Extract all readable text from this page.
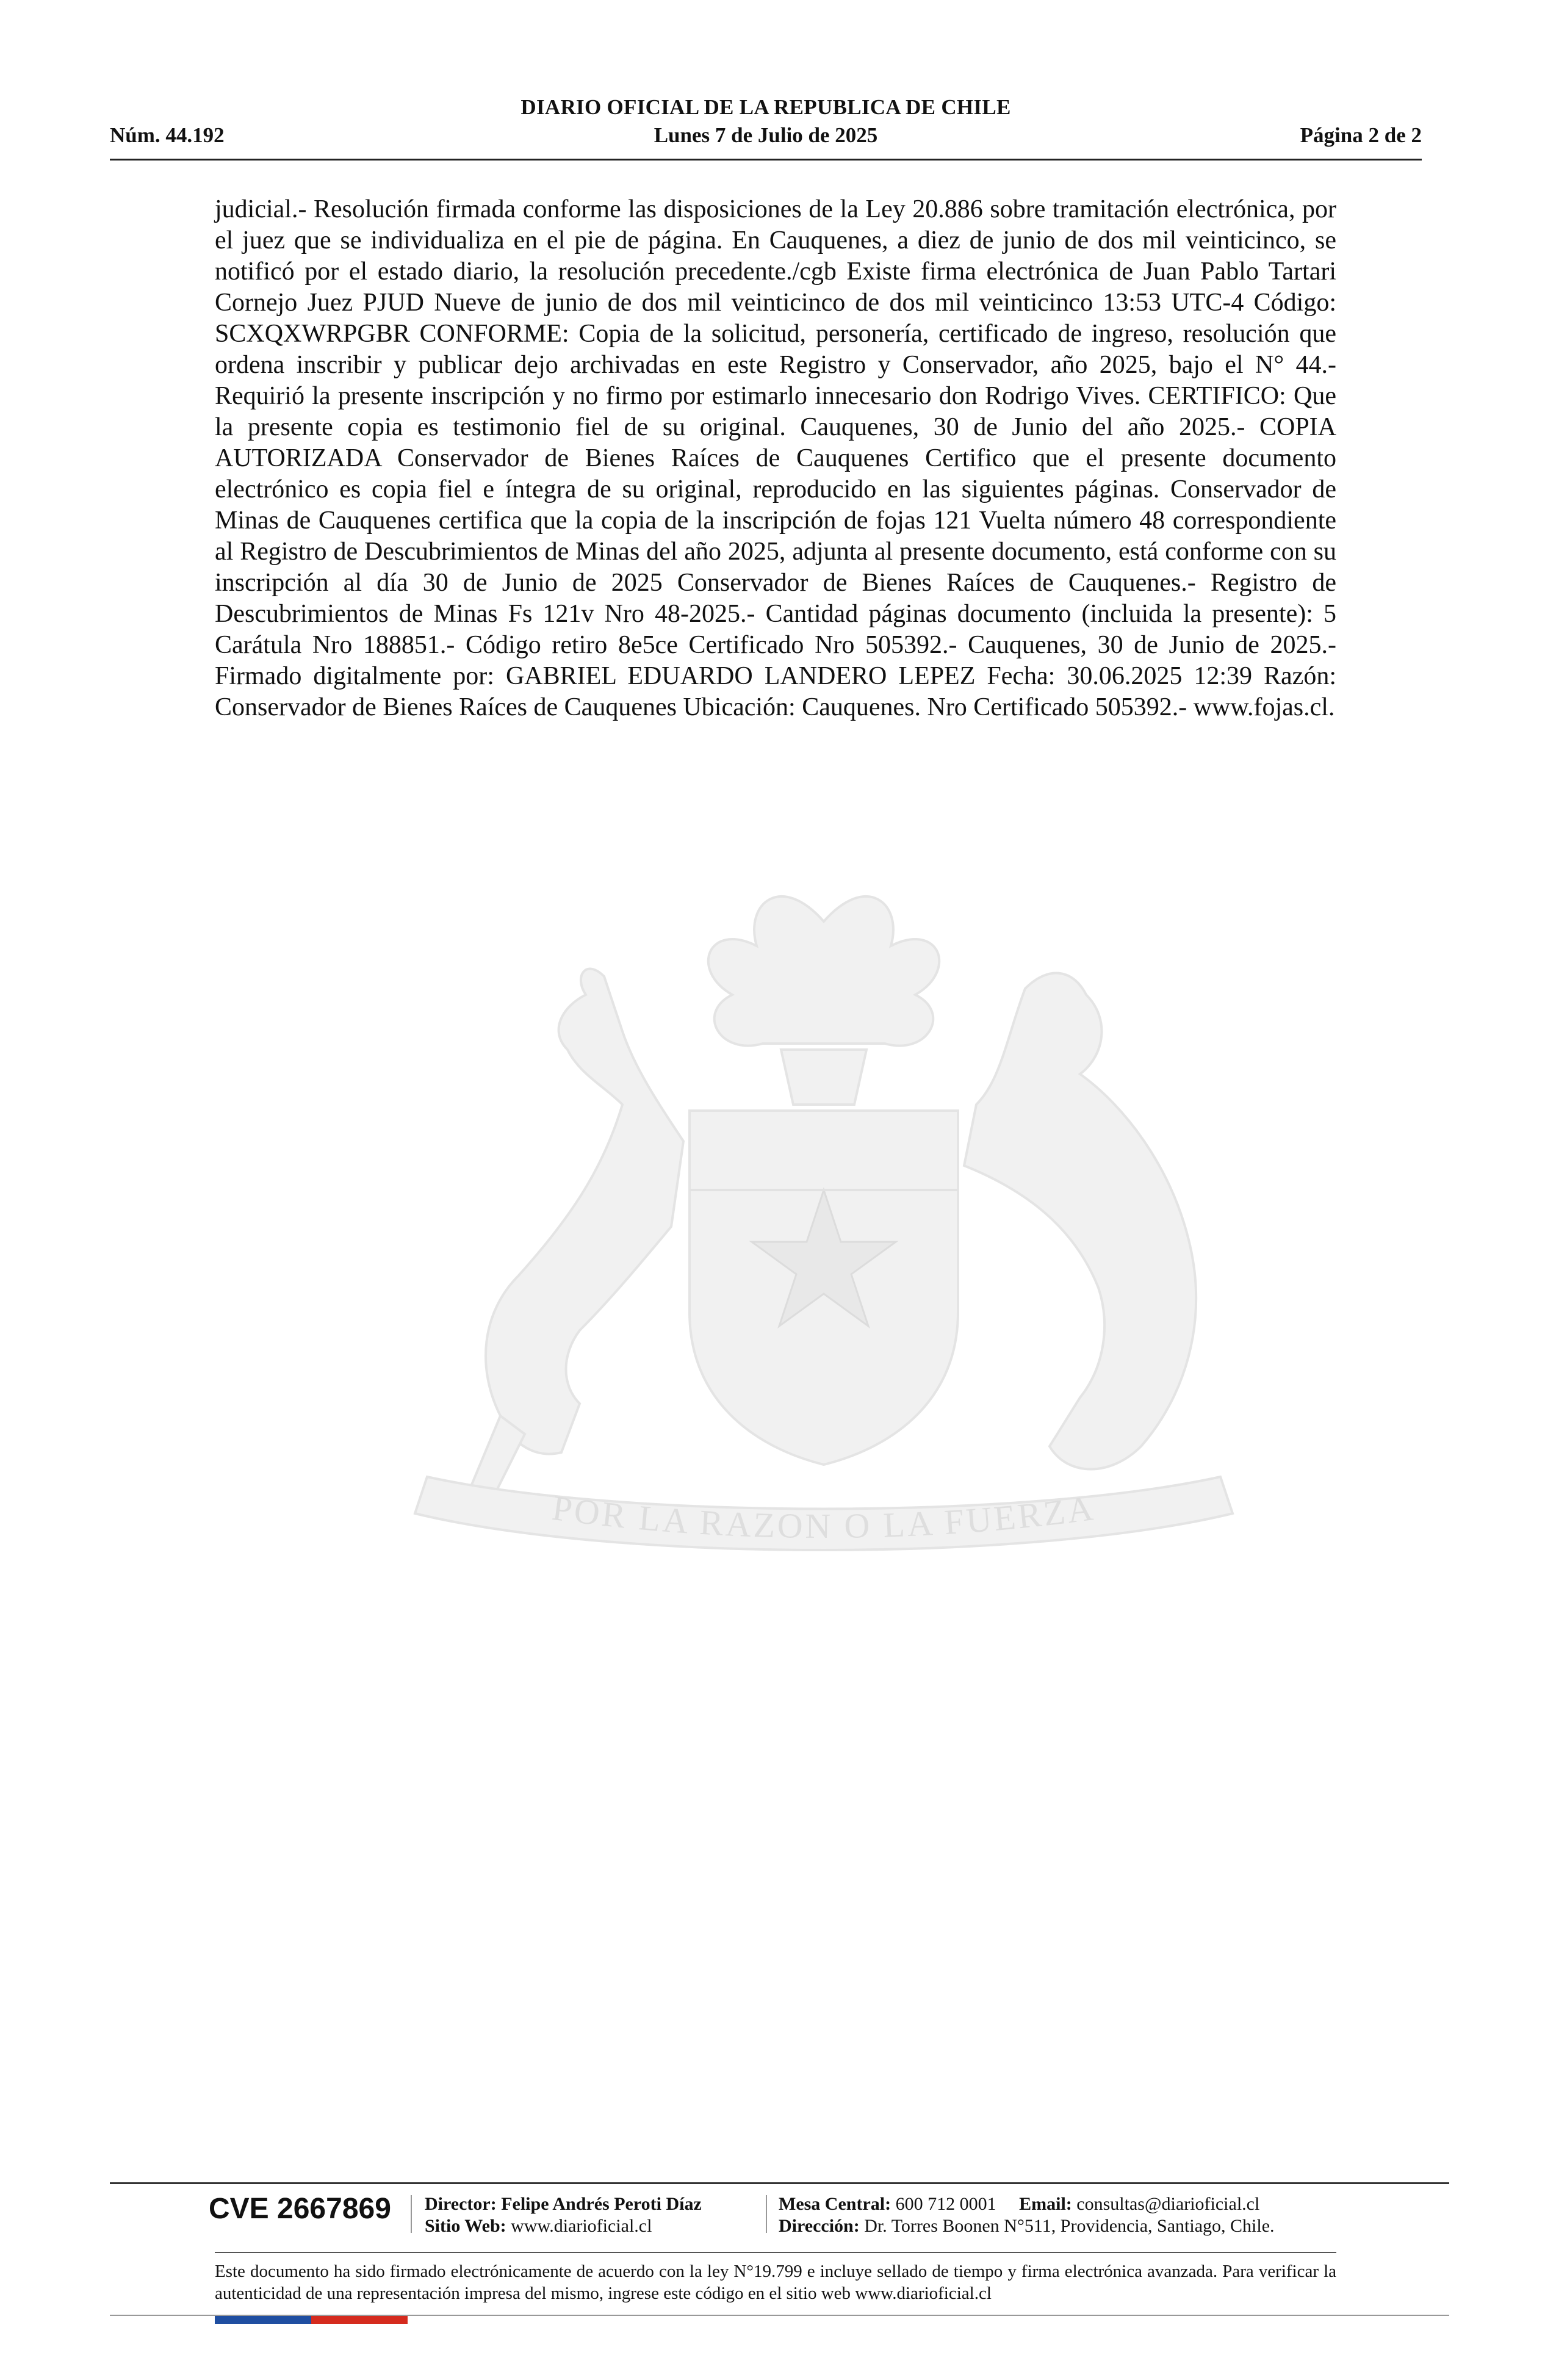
DIARIO OFICIAL DE LA REPUBLICA DE CHILE
Núm. 44.192	Lunes 7 de Julio de 2025	Página 2 de 2
POR LA RAZON O LA FUERZA

judicial.- Resolución firmada conforme las disposiciones de la Ley 20.886 sobre tramitación electrónica, por el juez que se individualiza en el pie de página. En Cauquenes, a diez de junio de dos mil veinticinco, se notificó por el estado diario, la resolución precedente./cgb Existe firma electrónica de Juan Pablo Tartari Cornejo Juez PJUD Nueve de junio de dos mil veinticinco de dos mil veinticinco 13:53 UTC-4 Código: SCXQXWRPGBR CONFORME: Copia de la solicitud, personería, certificado de ingreso, resolución que ordena inscribir y publicar dejo archivadas en este Registro y Conservador, año 2025, bajo el N° 44.- Requirió la presente inscripción y no firmo por estimarlo innecesario don Rodrigo Vives. CERTIFICO: Que la presente copia es testimonio fiel de su original. Cauquenes, 30 de Junio del año 2025.- COPIA AUTORIZADA Conservador de Bienes Raíces de Cauquenes Certifico que el presente documento electrónico es copia fiel e íntegra de su original, reproducido en las siguientes páginas. Conservador de Minas de Cauquenes certifica que la copia de la inscripción de fojas 121 Vuelta número 48 correspondiente al Registro de Descubrimientos de Minas del año 2025, adjunta al presente documento, está conforme con su inscripción al día 30 de Junio de 2025 Conservador de Bienes Raíces de Cauquenes.- Registro de Descubrimientos de Minas Fs 121v Nro 48-2025.- Cantidad páginas documento (incluida la presente): 5 Carátula Nro 188851.- Código retiro 8e5ce Certificado Nro 505392.- Cauquenes, 30 de Junio de 2025.- Firmado digitalmente por: GABRIEL EDUARDO LANDERO LEPEZ Fecha: 30.06.2025 12:39 Razón: Conservador de Bienes Raíces de Cauquenes Ubicación: Cauquenes. Nro Certificado 505392.- www.fojas.cl.

CVE 2667869 Director: Felipe Andrés Peroti Díaz
Sitio Web: www.diarioficial.cl
Mesa Central: 600 712 0001 Email: consultas@diarioficial.cl
Dirección: Dr. Torres Boonen N°511, Providencia, Santiago, Chile.

Este documento ha sido firmado electrónicamente de acuerdo con la ley N°19.799 e incluye sellado de tiempo y firma electrónica avanzada. Para verificar la autenticidad de una representación impresa del mismo, ingrese este código en el sitio web www.diarioficial.cl
